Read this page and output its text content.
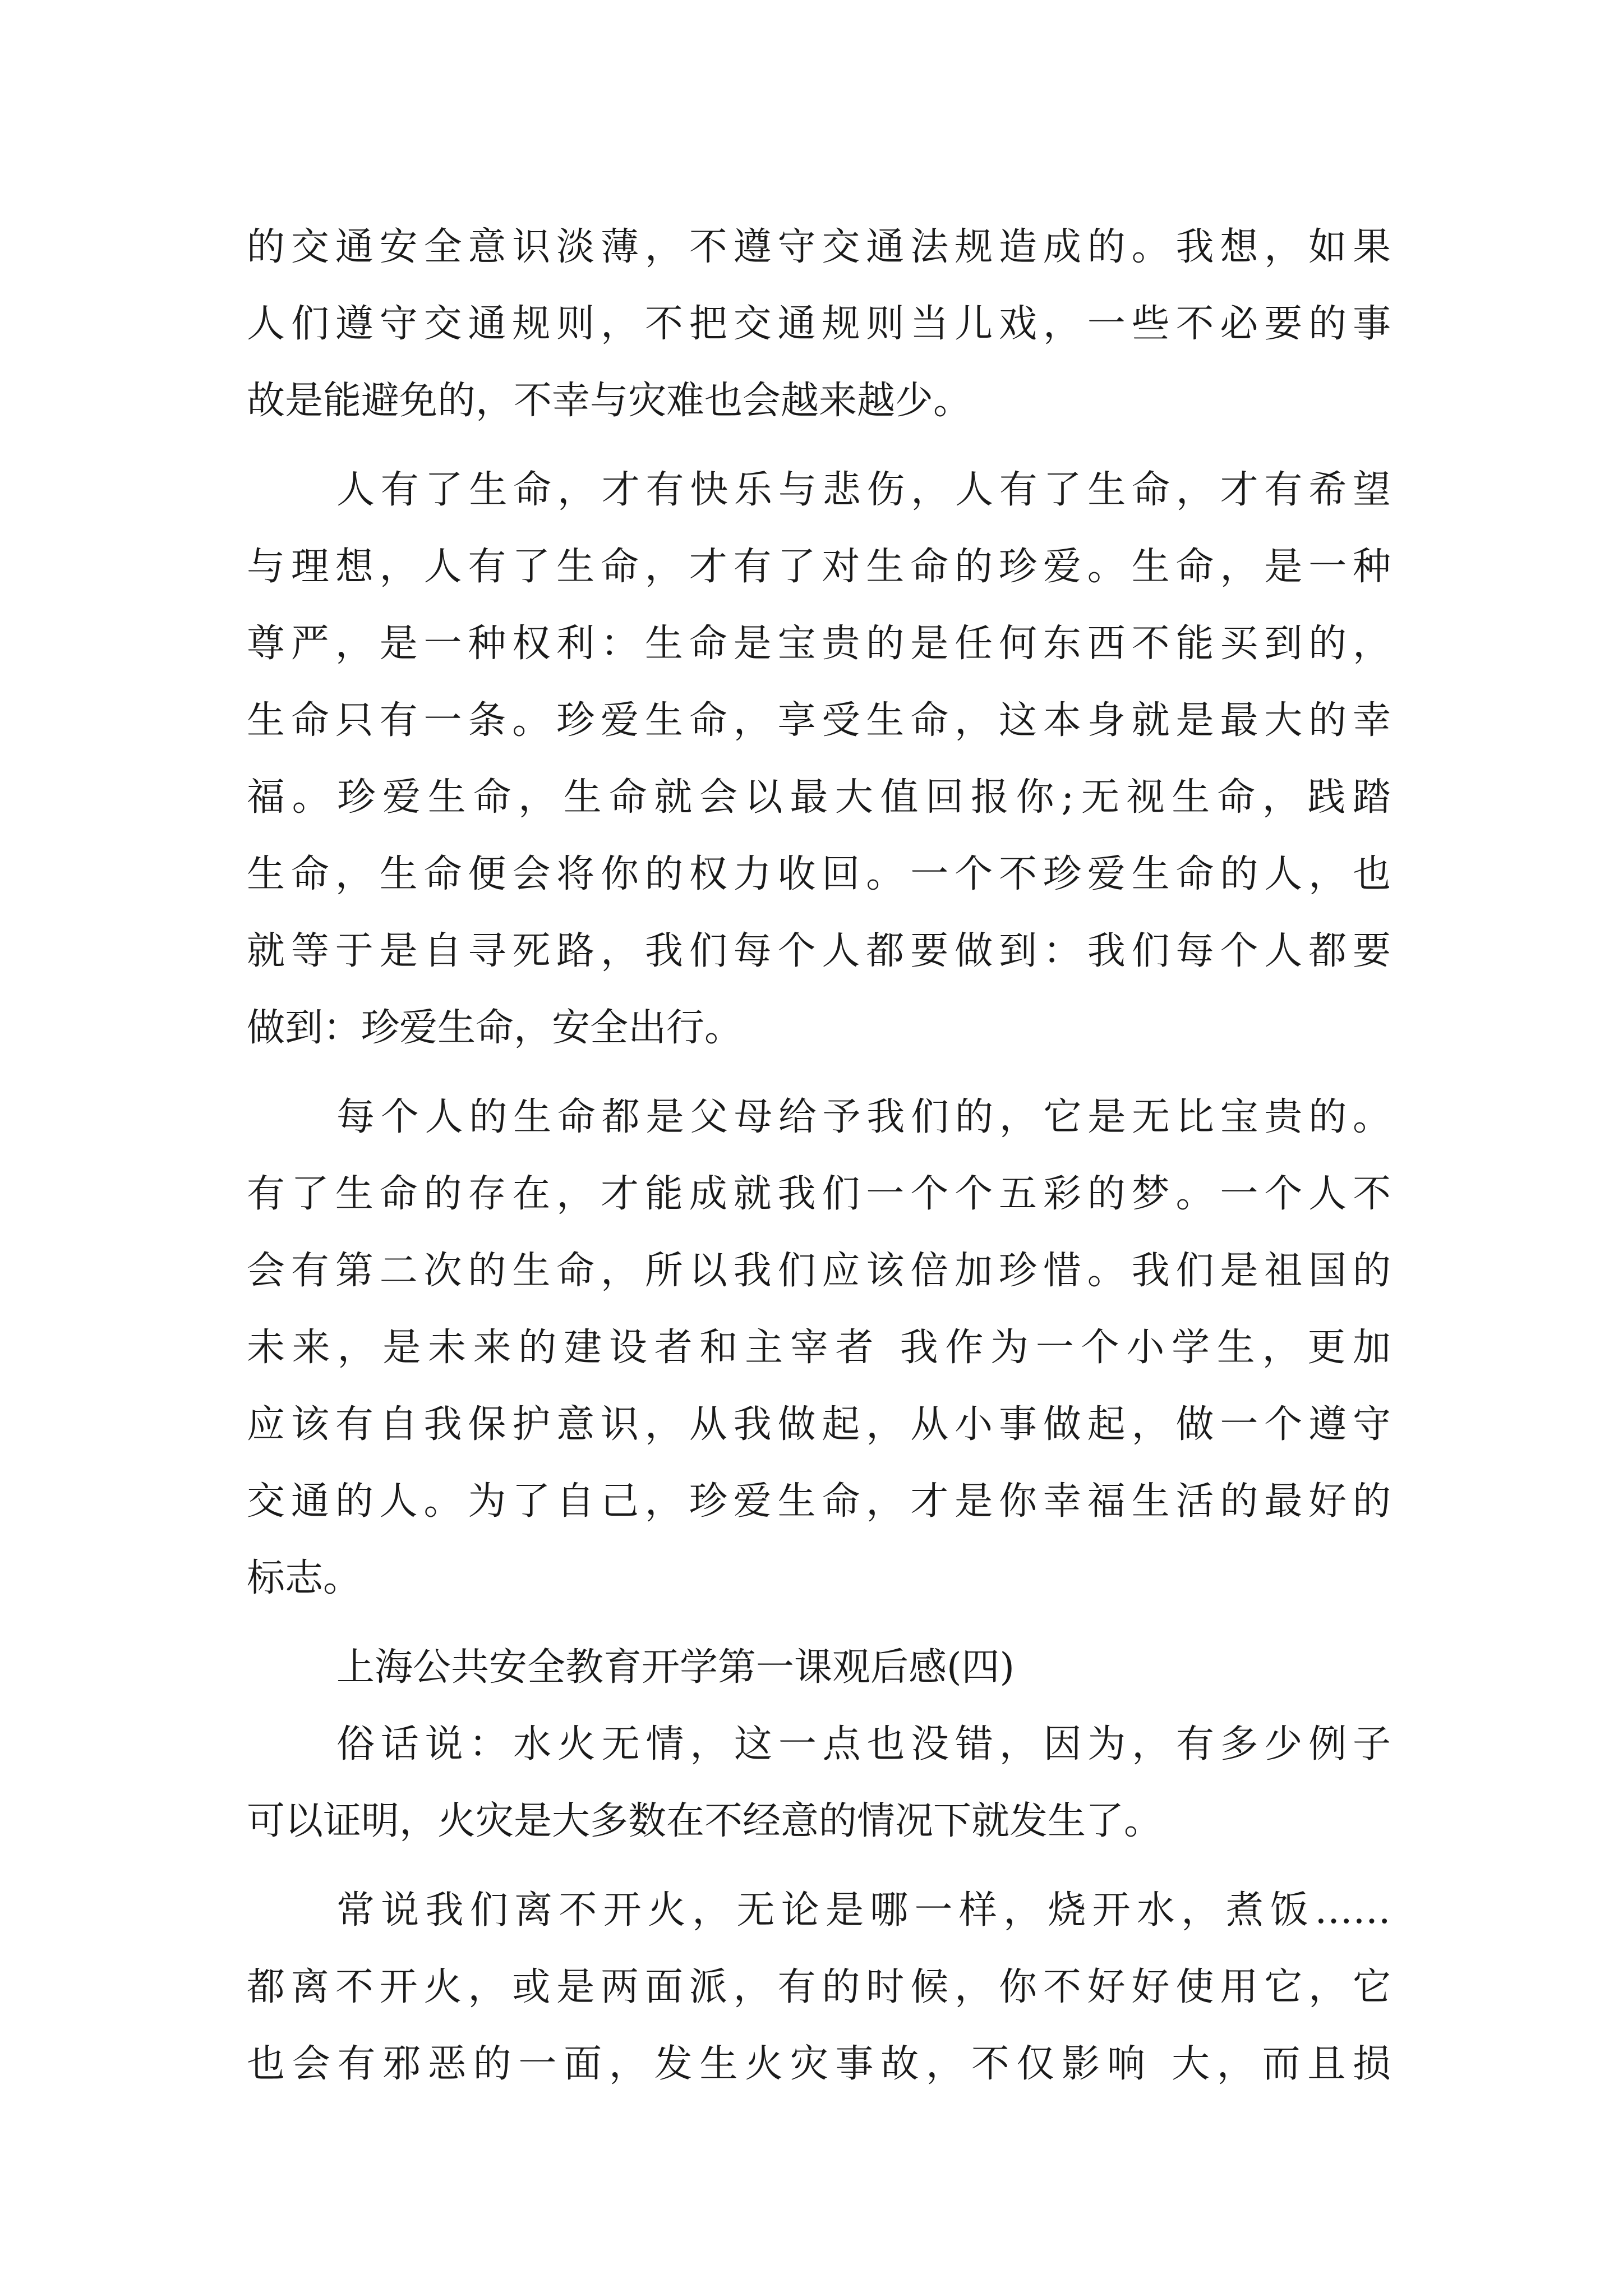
的交通安全意识淡薄，不遵守交通法规造成的。我想，如果
人们遵守交通规则，不把交通规则当儿戏，一些不必要的事
故是能避免的，不幸与灾难也会越来越少。
人有了生命，才有快乐与悲伤，人有了生命，才有希望
与理想，人有了生命，才有了对生命的珍爱。生命，是一种
尊严，是一种权利：生命是宝贵的是任何东西不能买到的，
生命只有一条。珍爱生命，享受生命，这本身就是最大的幸
福。珍爱生命，生命就会以最大值回报你;无视生命，践踏
生命，生命便会将你的权力收回。一个不珍爱生命的人，也
就等于是自寻死路，我们每个人都要做到：我们每个人都要
做到：珍爱生命，安全出行。
每个人的生命都是父母给予我们的，它是无比宝贵的。
有了生命的存在，才能成就我们一个个五彩的梦。一个人不
会有第二次的生命，所以我们应该倍加珍惜。我们是祖国的
未来，是未来的建设者和主宰者 我作为一个小学生，更加
应该有自我保护意识，从我做起，从小事做起，做一个遵守
交通的人。为了自己，珍爱生命，才是你幸福生活的最好的
标志。
上海公共安全教育开学第一课观后感(四)
俗话说：水火无情，这一点也没错，因为，有多少例子
可以证明，火灾是大多数在不经意的情况下就发生了。
常说我们离不开火，无论是哪一样，烧开水，煮饭……
都离不开火，或是两面派，有的时候，你不好好使用它，它
也会有邪恶的一面，发生火灾事故，不仅影响 大，而且损
